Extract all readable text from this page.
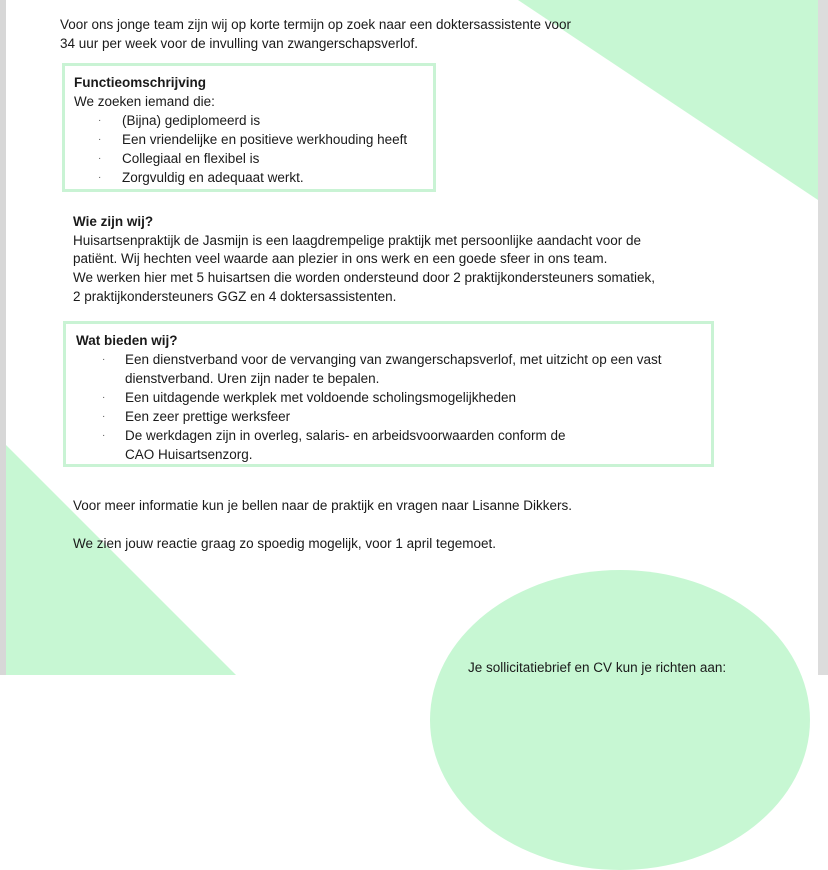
Voor ons jonge team zijn wij op korte termijn op zoek naar een doktersassistente voor
34 uur per week voor de invulling van zwangerschapsverlof.
Functieomschrijving
We zoeken iemand die:
· (Bijna) gediplomeerd is
· Een vriendelijke en positieve werkhouding heeft
· Collegiaal en flexibel is
· Zorgvuldig en adequaat werkt.
Wie zijn wij?
Huisartsenpraktijk de Jasmijn is een laagdrempelige praktijk met persoonlijke aandacht voor de
patiënt. Wij hechten veel waarde aan plezier in ons werk en een goede sfeer in ons team.
We werken hier met 5 huisartsen die worden ondersteund door 2 praktijkondersteuners somatiek,
2 praktijkondersteuners GGZ en 4 doktersassistenten.
Wat bieden wij?
· Een dienstverband voor de vervanging van zwangerschapsverlof, met uitzicht op een vast
dienstverband. Uren zijn nader te bepalen.
· Een uitdagende werkplek met voldoende scholingsmogelijkheden
· Een zeer prettige werksfeer
· De werkdagen zijn in overleg, salaris- en arbeidsvoorwaarden conform de
CAO Huisartsenzorg.
Voor meer informatie kun je bellen naar de praktijk en vragen naar Lisanne Dikkers.
We zien jouw reactie graag zo spoedig mogelijk, voor 1 april tegemoet.
Je sollicitatiebrief en CV kun je richten aan:
